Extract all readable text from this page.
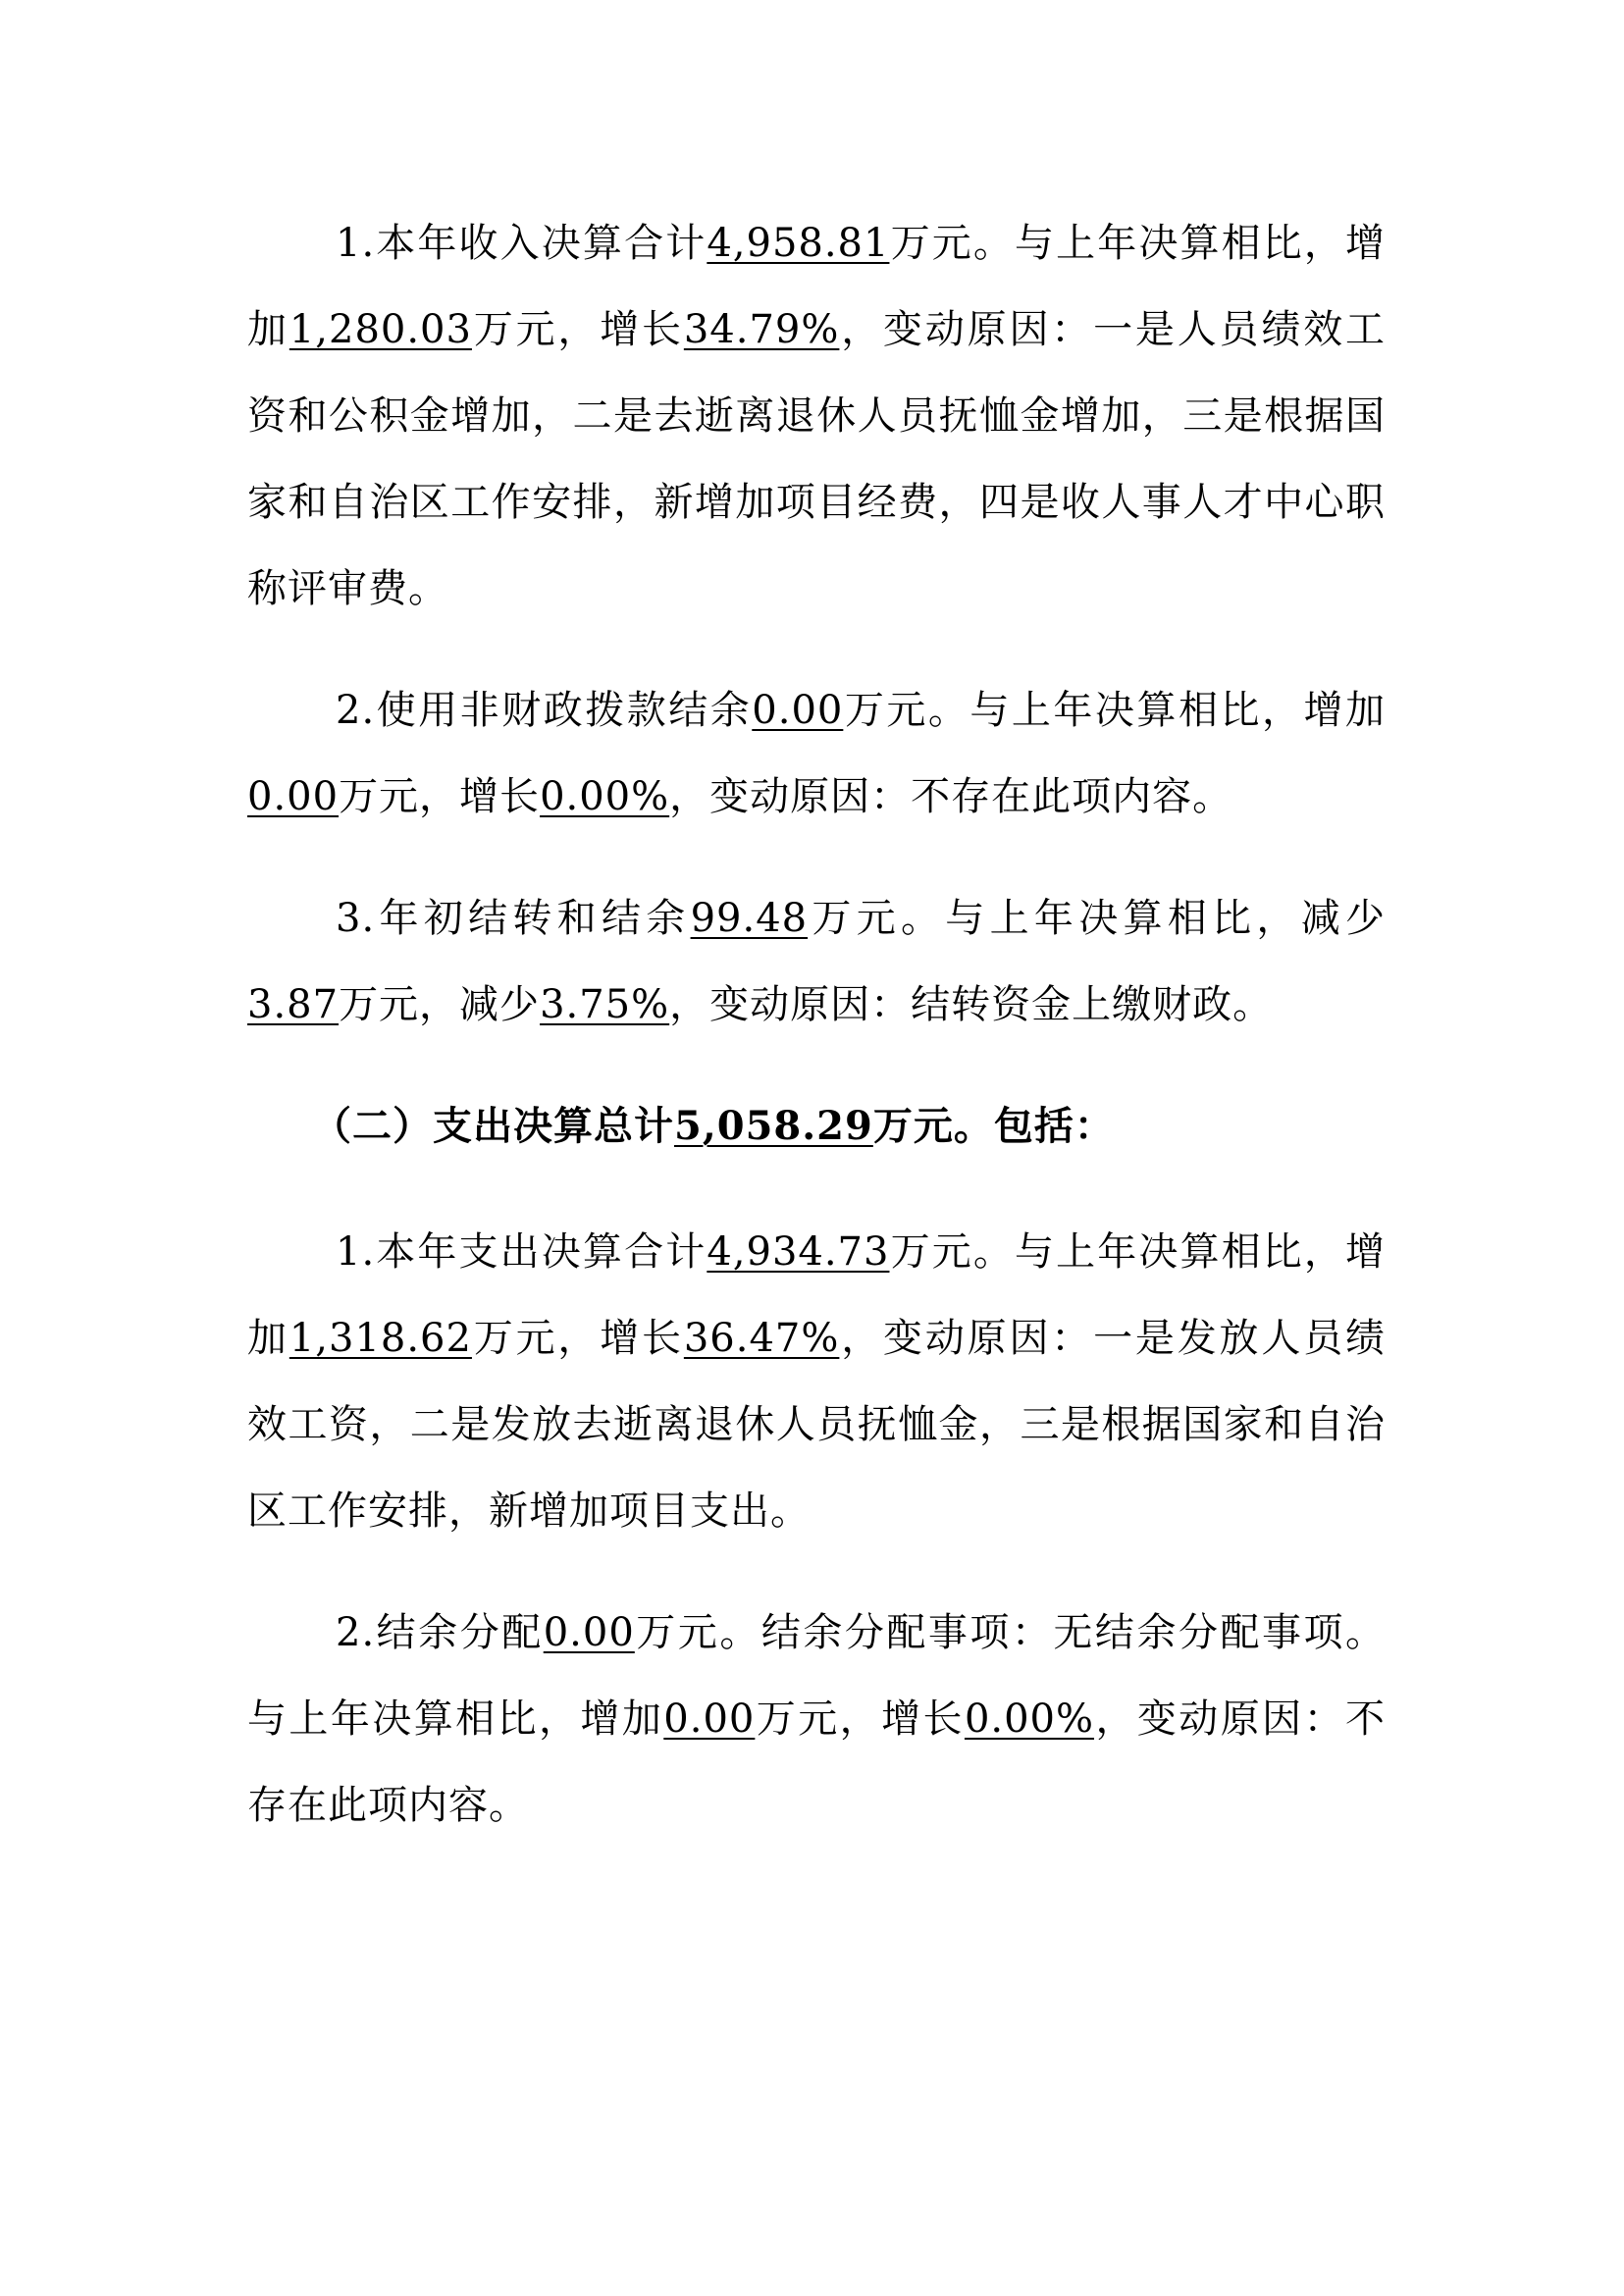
1.本年收入决算合计4,958.81万元。与上年决算相比，增加1,280.03万元，增长34.79%，变动原因：一是人员绩效工资和公积金增加，二是去逝离退休人员抚恤金增加，三是根据国家和自治区工作安排，新增加项目经费，四是收人事人才中心职称评审费。

2.使用非财政拨款结余0.00万元。与上年决算相比，增加0.00万元，增长0.00%，变动原因：不存在此项内容。

3.年初结转和结余99.48万元。与上年决算相比，减少3.87万元，减少3.75%，变动原因：结转资金上缴财政。

（二）支出决算总计5,058.29万元。包括：

1.本年支出决算合计4,934.73万元。与上年决算相比，增加1,318.62万元，增长36.47%，变动原因：一是发放人员绩效工资，二是发放去逝离退休人员抚恤金，三是根据国家和自治区工作安排，新增加项目支出。

2.结余分配0.00万元。结余分配事项：无结余分配事项。与上年决算相比，增加0.00万元，增长0.00%，变动原因：不存在此项内容。
